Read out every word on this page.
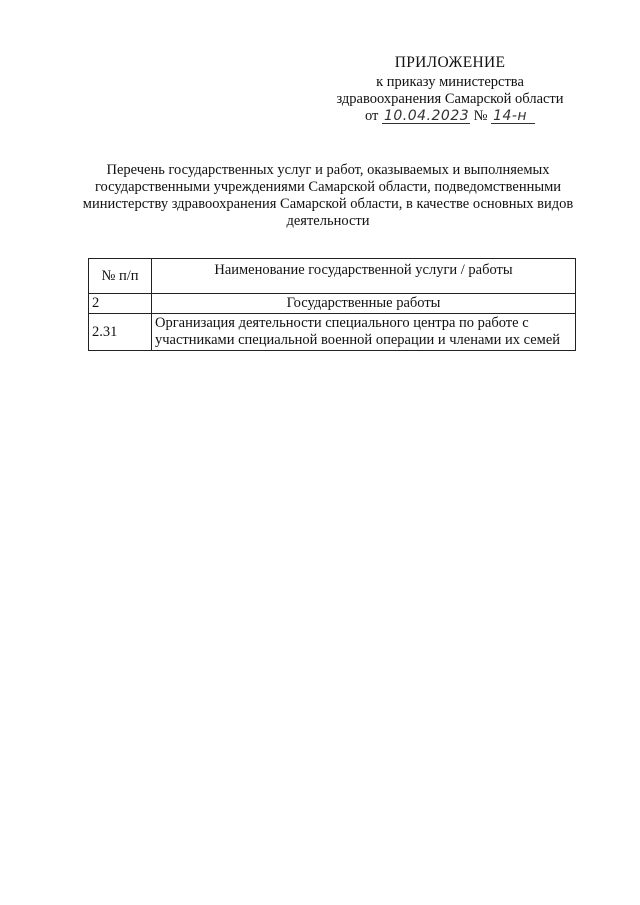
ПРИЛОЖЕНИЕ
к приказу министерства
здравоохранения Самарской области
от 10.04.2023 № 14-н
Перечень государственных услуг и работ, оказываемых и выполняемых государственными учреждениями Самарской области, подведомственными министерству здравоохранения Самарской области, в качестве основных видов деятельности
№ п/п	Наименование государственной услуги / работы
2	Государственные работы
2.31	Организация деятельности специального центра по работе с участниками специальной военной операции и членами их семей
